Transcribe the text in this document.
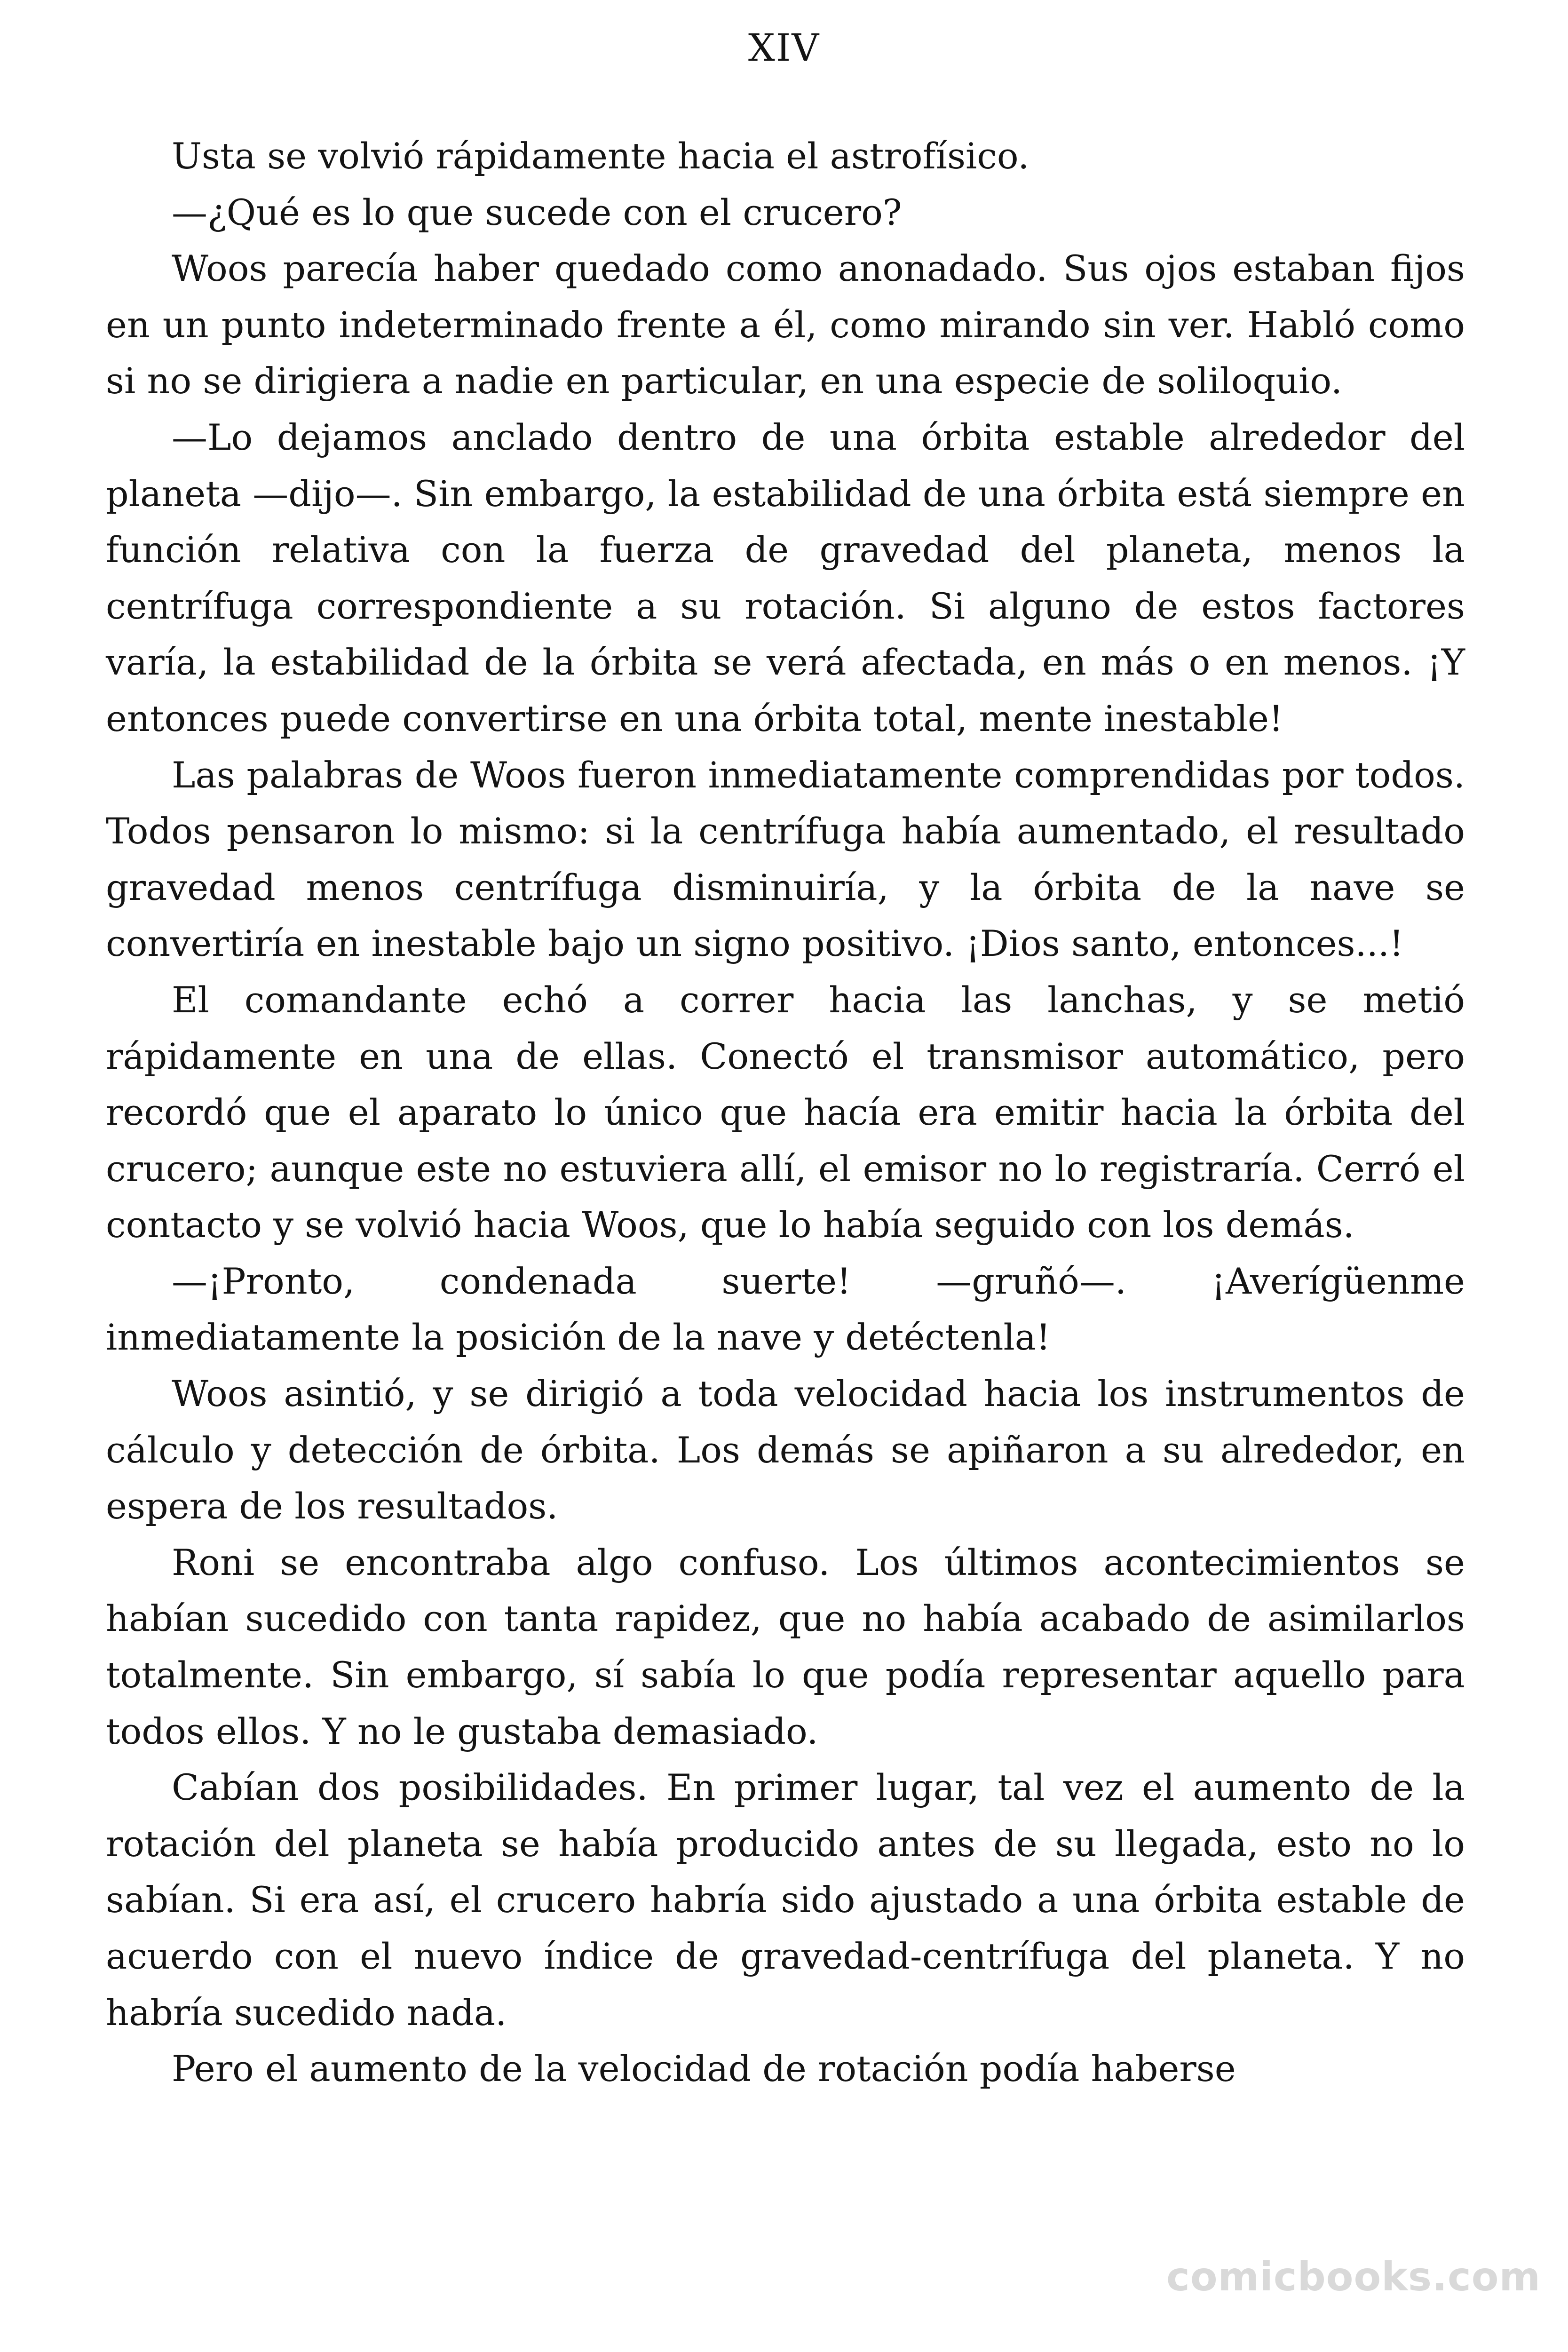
XIV

Usta se volvió rápidamente hacia el astrofísico.

—¿Qué es lo que sucede con el crucero?

Woos parecía haber quedado como anonadado. Sus ojos estaban fijos en un punto indeterminado frente a él, como mirando sin ver. Habló como si no se dirigiera a nadie en particular, en una especie de soliloquio.

—Lo dejamos anclado dentro de una órbita estable alrededor del planeta —dijo—. Sin embargo, la estabilidad de una órbita está siempre en función relativa con la fuerza de gravedad del planeta, menos la centrífuga correspondiente a su rotación. Si alguno de estos factores varía, la estabilidad de la órbita se verá afectada, en más o en menos. ¡Y entonces puede convertirse en una órbita total, mente inestable!

Las palabras de Woos fueron inmediatamente comprendidas por todos. Todos pensaron lo mismo: si la centrífuga había aumentado, el resultado gravedad menos centrífuga disminuiría, y la órbita de la nave se convertiría en inestable bajo un signo positivo. ¡Dios santo, entonces...!

El comandante echó a correr hacia las lanchas, y se metió rápidamente en una de ellas. Conectó el transmisor automático, pero recordó que el aparato lo único que hacía era emitir hacia la órbita del crucero; aunque este no estuviera allí, el emisor no lo registraría. Cerró el contacto y se volvió hacia Woos, que lo había seguido con los demás.

—¡Pronto, condenada suerte! —gruñó—. ¡Averígüenme inmediatamente la posición de la nave y detéctenla!

Woos asintió, y se dirigió a toda velocidad hacia los instrumentos de cálculo y detección de órbita. Los demás se apiñaron a su alrededor, en espera de los resultados.

Roni se encontraba algo confuso. Los últimos acontecimientos se habían sucedido con tanta rapidez, que no había acabado de asimilarlos totalmente. Sin embargo, sí sabía lo que podía representar aquello para todos ellos. Y no le gustaba demasiado.

Cabían dos posibilidades. En primer lugar, tal vez el aumento de la rotación del planeta se había producido antes de su llegada, esto no lo sabían. Si era así, el crucero habría sido ajustado a una órbita estable de acuerdo con el nuevo índice de gravedad-centrífuga del planeta. Y no habría sucedido nada.

Pero el aumento de la velocidad de rotación podía haberse

comicbooks.com
